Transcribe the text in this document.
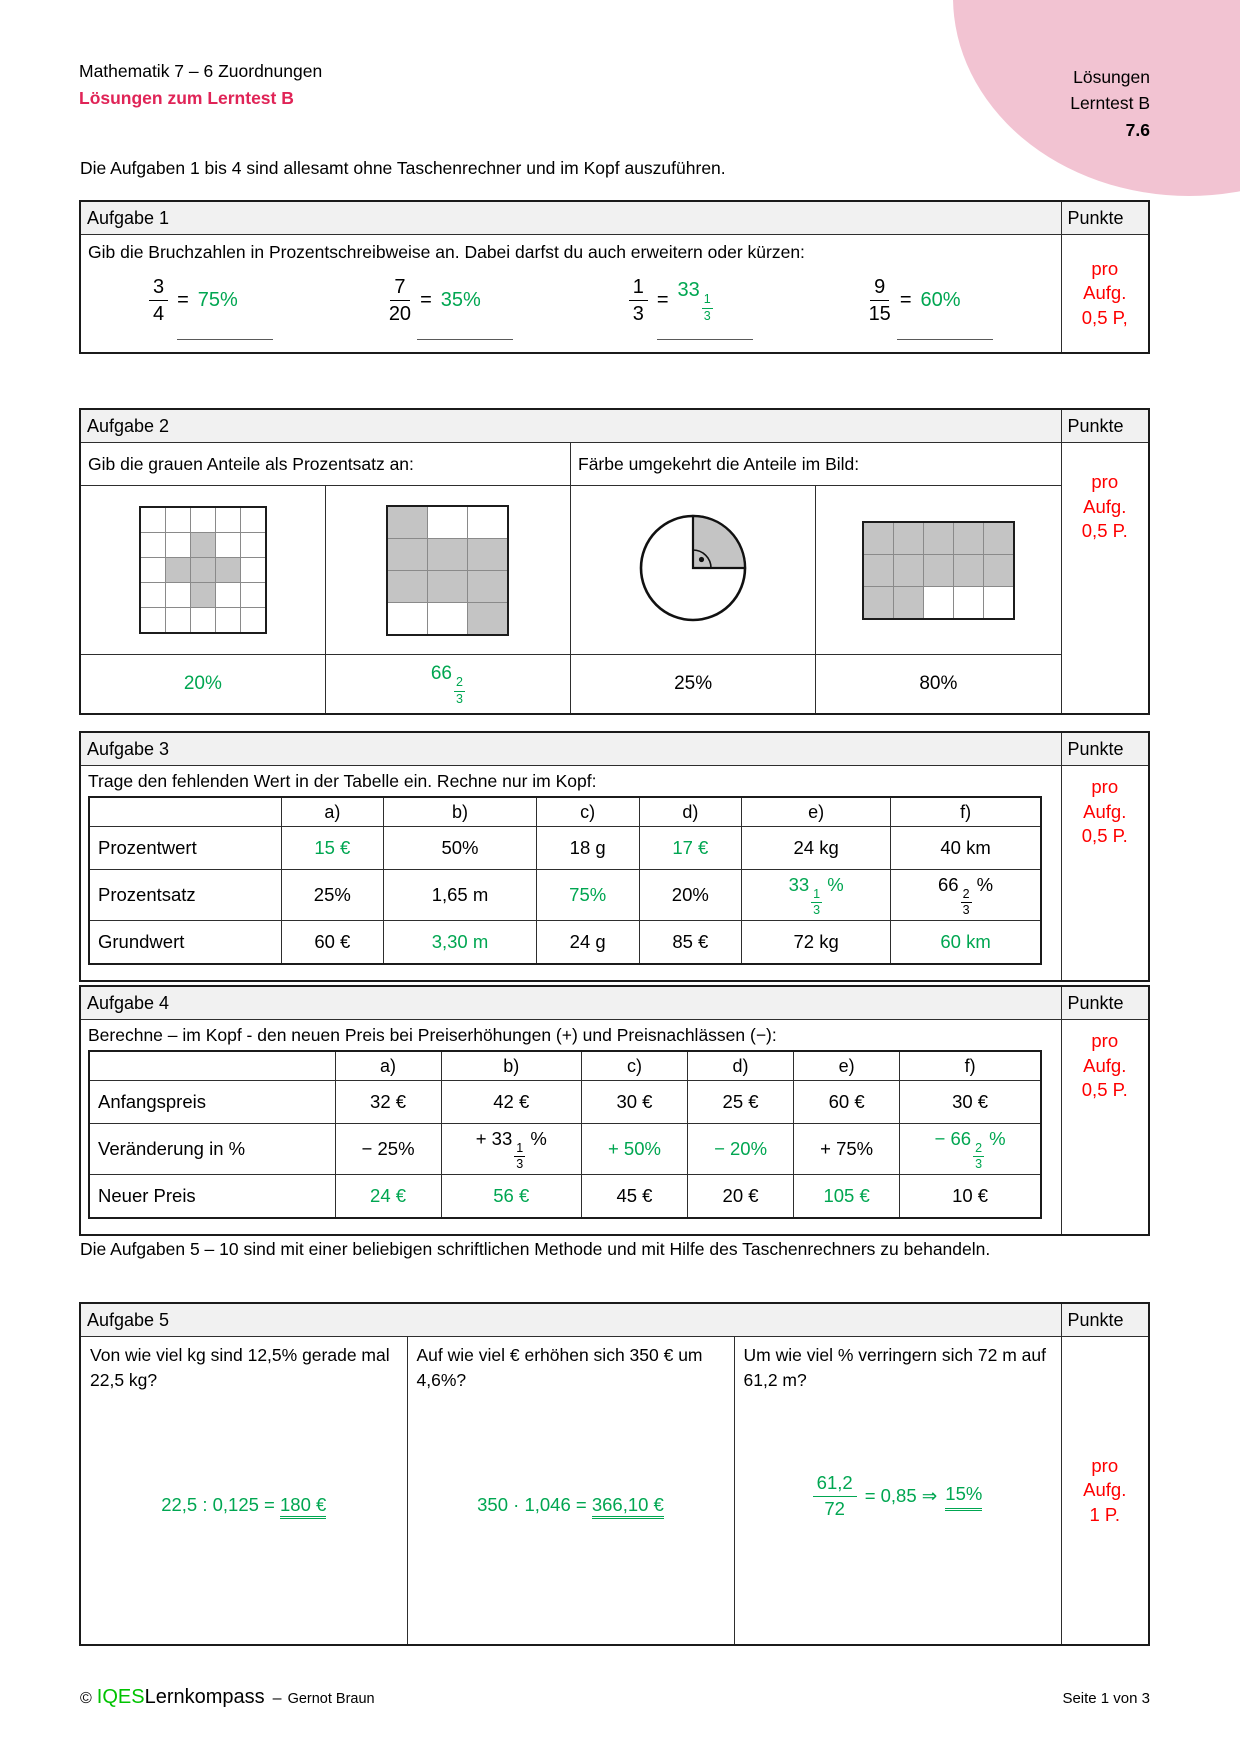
Mathematik 7 – 6 Zuordnungen
Lösungen zum Lerntest B
Lösungen
Lerntest B
7.6
Die Aufgaben 1 bis 4 sind allesamt ohne Taschenrechner und im Kopf auszuführen.
Aufgabe 1	Punkte

Gib die Bruchzahlen in Prozentschreibweise an. Dabei darfst du auch erweitern oder kürzen:
$\frac{3}{4} = 75\%$	$\frac{7}{20} = 35\%$	$\frac{1}{3} = 33$
$\frac{1}{3}$	$\frac{9}{15} = 60\%$

pro
Aufg.
0,5 P,
Aufgabe 2				Punkte
Gib die grauen Anteile als Prozentsatz an:		Färbe umgekehrt die Anteile im Bild:		pro
Aufg.
0,5 P.

20%	66
$\frac{2}{3}$	25%	80%	
Aufgabe 3	Punkte

Trage den fehlenden Wert in der Tabelle ein. Rechne nur im Kopf:
	a)	b)	c)	d)	e)	f)
Prozentwert	15 €	50%	18 g	17 €	24 kg	40 km
Prozentsatz	25%	1,65 m	75%	20%	33
$\frac{1}{3}$
%	66
$\frac{2}{3}$
%
Grundwert	60 €	3,30 m	24 g	85 €	72 kg	60 km

pro
Aufg.
0,5 P.
Aufgabe 4	Punkte

Berechne – im Kopf - den neuen Preis bei Preiserhöhungen (+) und Preisnachlässen (−):
	a)	b)	c)	d)	e)	f)
Anfangspreis	32 €	42 €	30 €	25 €	60 €	30 €
Veränderung in %	− 25%	+ 33
$\frac{1}{3}$
%	+ 50%	− 20%	+ 75%	− 66
$\frac{2}{3}$
%
Neuer Preis	24 €	56 €	45 €	20 €	105 €	10 €

pro
Aufg.
0,5 P.
Die Aufgaben 5 – 10 sind mit einer beliebigen schriftlichen Methode und mit Hilfe des Taschenrechners zu behandeln.
Aufgabe 5			Punkte

Von wie viel kg sind 12,5% gerade mal 22,5 kg?
22,5 : 0,125 = 180 €

Auf wie viel € erhöhen sich 350 € um 4,6%?
350 · 1,046 = 366,10 €

Um wie viel % verringern sich 72 m auf 61,2 m?
$\frac{61,2}{72} = 0,85$ ⇒ 15%

pro
Aufg.
1 P.
© IQES Lernkompass – Gernot Braun	Seite 1 von 3
